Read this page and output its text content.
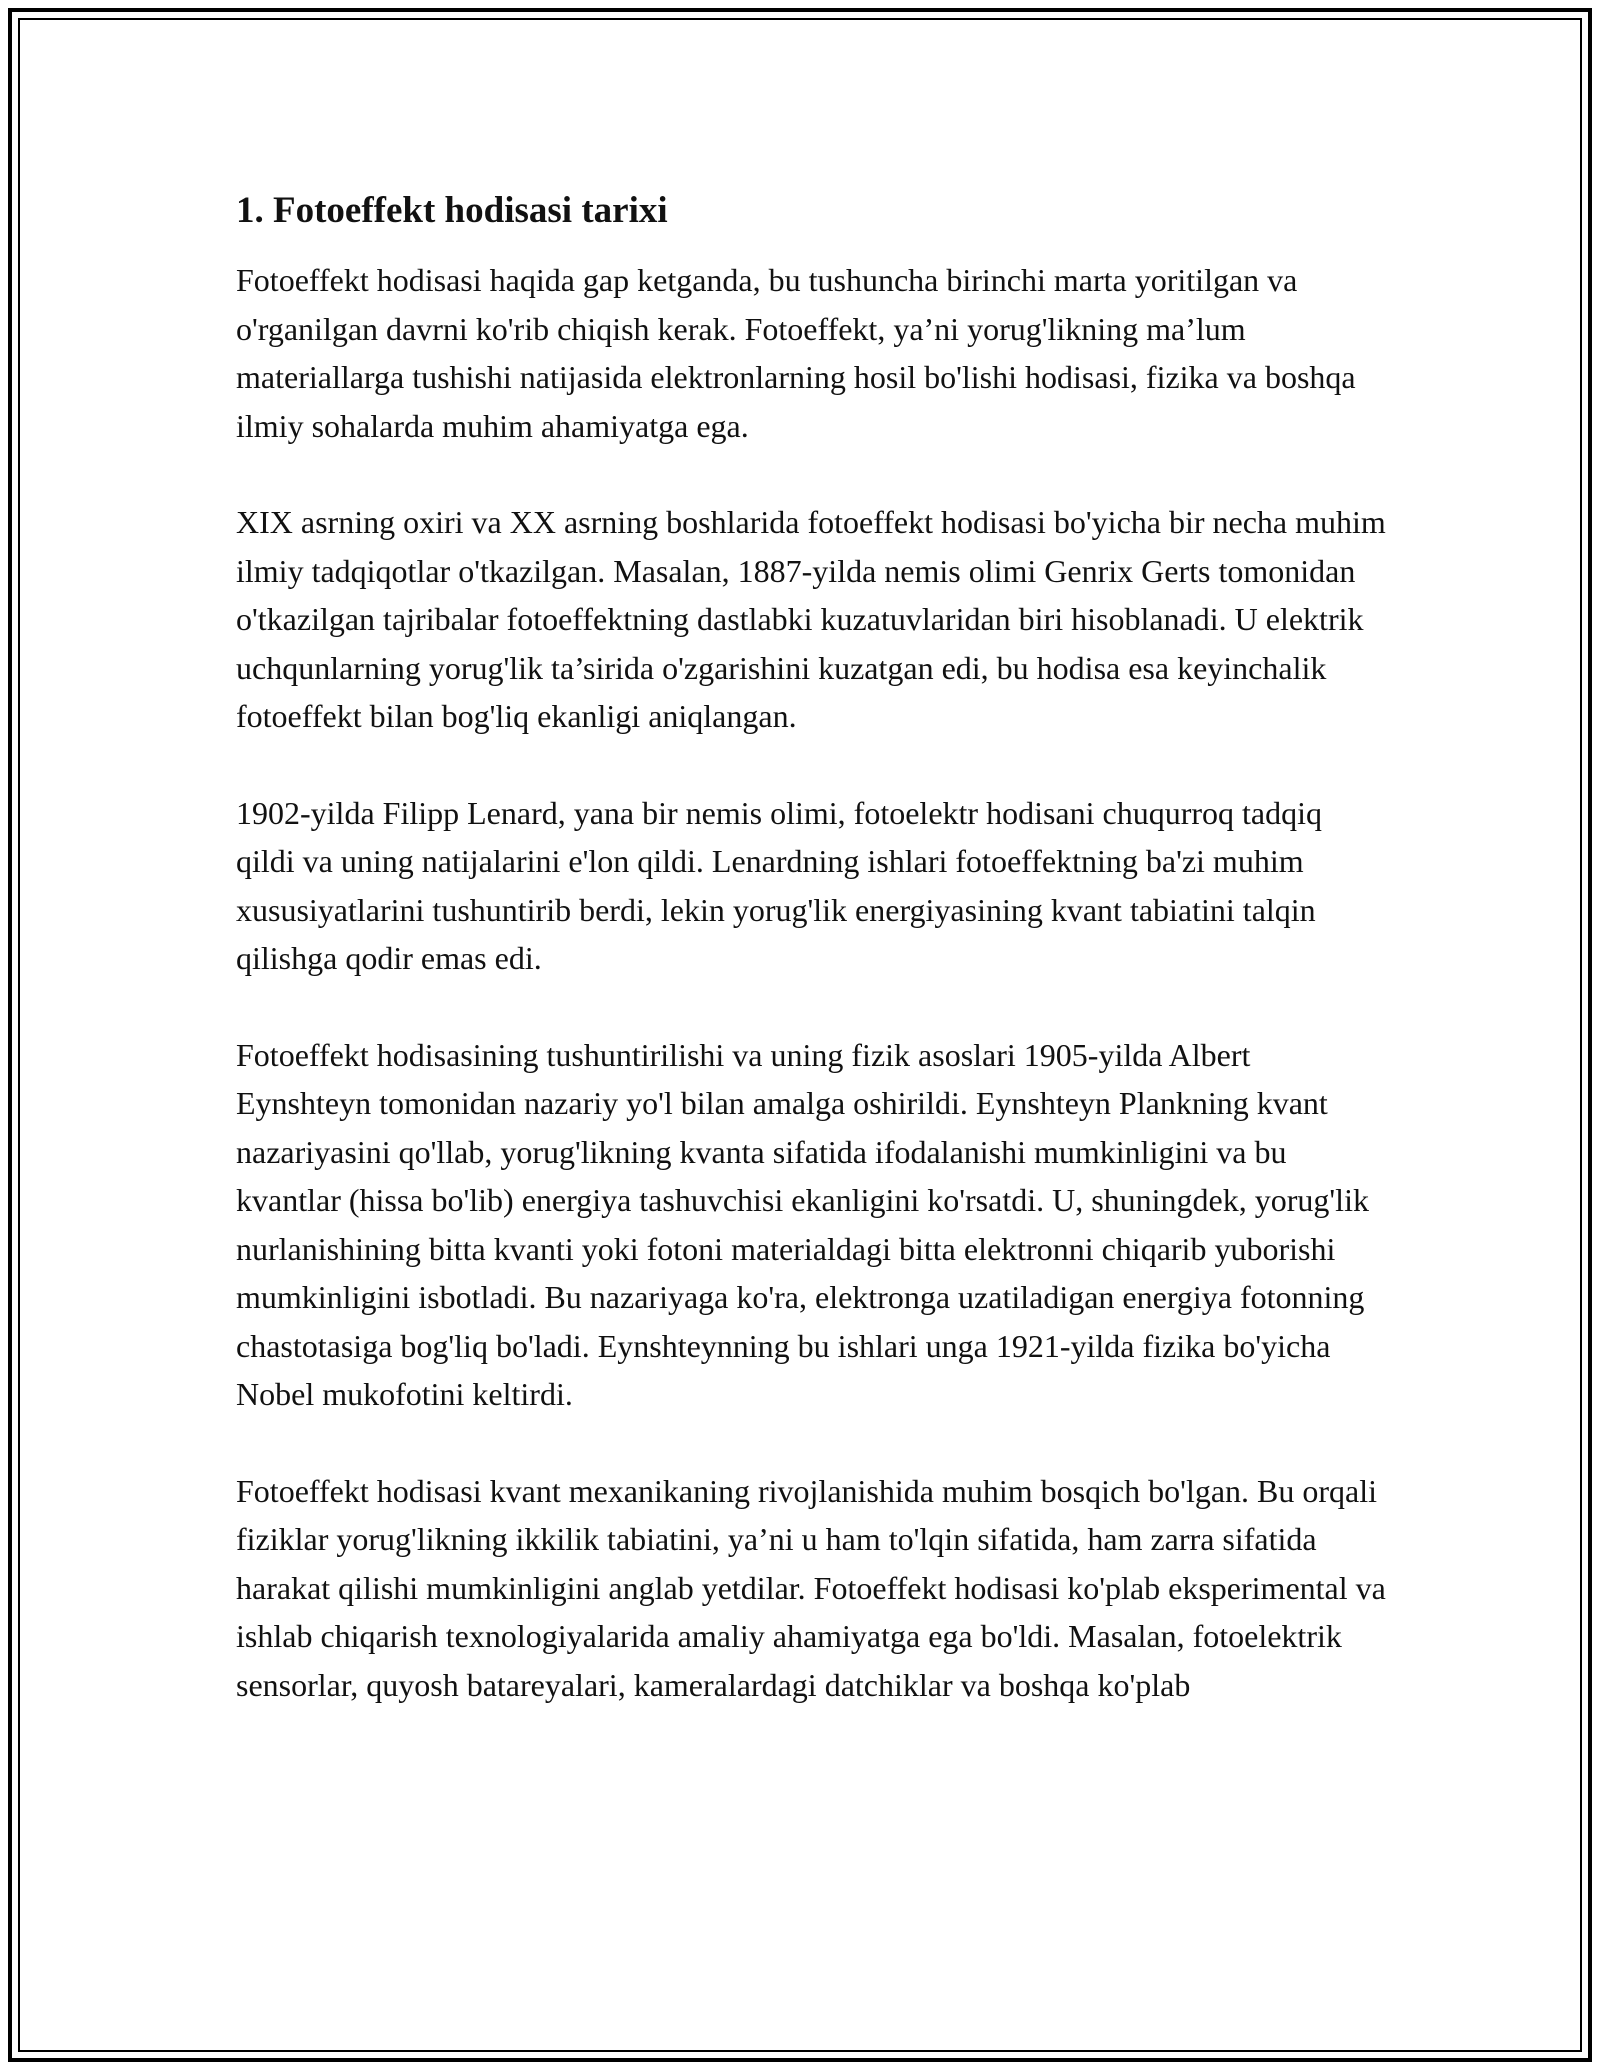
1. Fotoeffekt hodisasi tarixi

Fotoeffekt hodisasi haqida gap ketganda, bu tushuncha birinchi marta yoritilgan va o'rganilgan davrni ko'rib chiqish kerak. Fotoeffekt, ya’ni yorug'likning ma’lum materiallarga tushishi natijasida elektronlarning hosil bo'lishi hodisasi, fizika va boshqa ilmiy sohalarda muhim ahamiyatga ega.

XIX asrning oxiri va XX asrning boshlarida fotoeffekt hodisasi bo'yicha bir necha muhim ilmiy tadqiqotlar o'tkazilgan. Masalan, 1887-yilda nemis olimi Genrix Gerts tomonidan o'tkazilgan tajribalar fotoeffektning dastlabki kuzatuvlaridan biri hisoblanadi. U elektrik uchqunlarning yorug'lik ta’sirida o'zgarishini kuzatgan edi, bu hodisa esa keyinchalik fotoeffekt bilan bog'liq ekanligi aniqlangan.

1902-yilda Filipp Lenard, yana bir nemis olimi, fotoelektr hodisani chuqurroq tadqiq qildi va uning natijalarini e'lon qildi. Lenardning ishlari fotoeffektning ba'zi muhim xususiyatlarini tushuntirib berdi, lekin yorug'lik energiyasining kvant tabiatini talqin qilishga qodir emas edi.

Fotoeffekt hodisasining tushuntirilishi va uning fizik asoslari 1905-yilda Albert Eynshteyn tomonidan nazariy yo'l bilan amalga oshirildi. Eynshteyn Plankning kvant nazariyasini qo'llab, yorug'likning kvanta sifatida ifodalanishi mumkinligini va bu kvantlar (hissa bo'lib) energiya tashuvchisi ekanligini ko'rsatdi. U, shuningdek, yorug'lik nurlanishining bitta kvanti yoki fotoni materialdagi bitta elektronni chiqarib yuborishi mumkinligini isbotladi. Bu nazariyaga ko'ra, elektronga uzatiladigan energiya fotonning chastotasiga bog'liq bo'ladi. Eynshteynning bu ishlari unga 1921-yilda fizika bo'yicha Nobel mukofotini keltirdi.

Fotoeffekt hodisasi kvant mexanikaning rivojlanishida muhim bosqich bo'lgan. Bu orqali fiziklar yorug'likning ikkilik tabiatini, ya’ni u ham to'lqin sifatida, ham zarra sifatida harakat qilishi mumkinligini anglab yetdilar. Fotoeffekt hodisasi ko'plab eksperimental va ishlab chiqarish texnologiyalarida amaliy ahamiyatga ega bo'ldi. Masalan, fotoelektrik sensorlar, quyosh batareyalari, kameralardagi datchiklar va boshqa ko'plab
